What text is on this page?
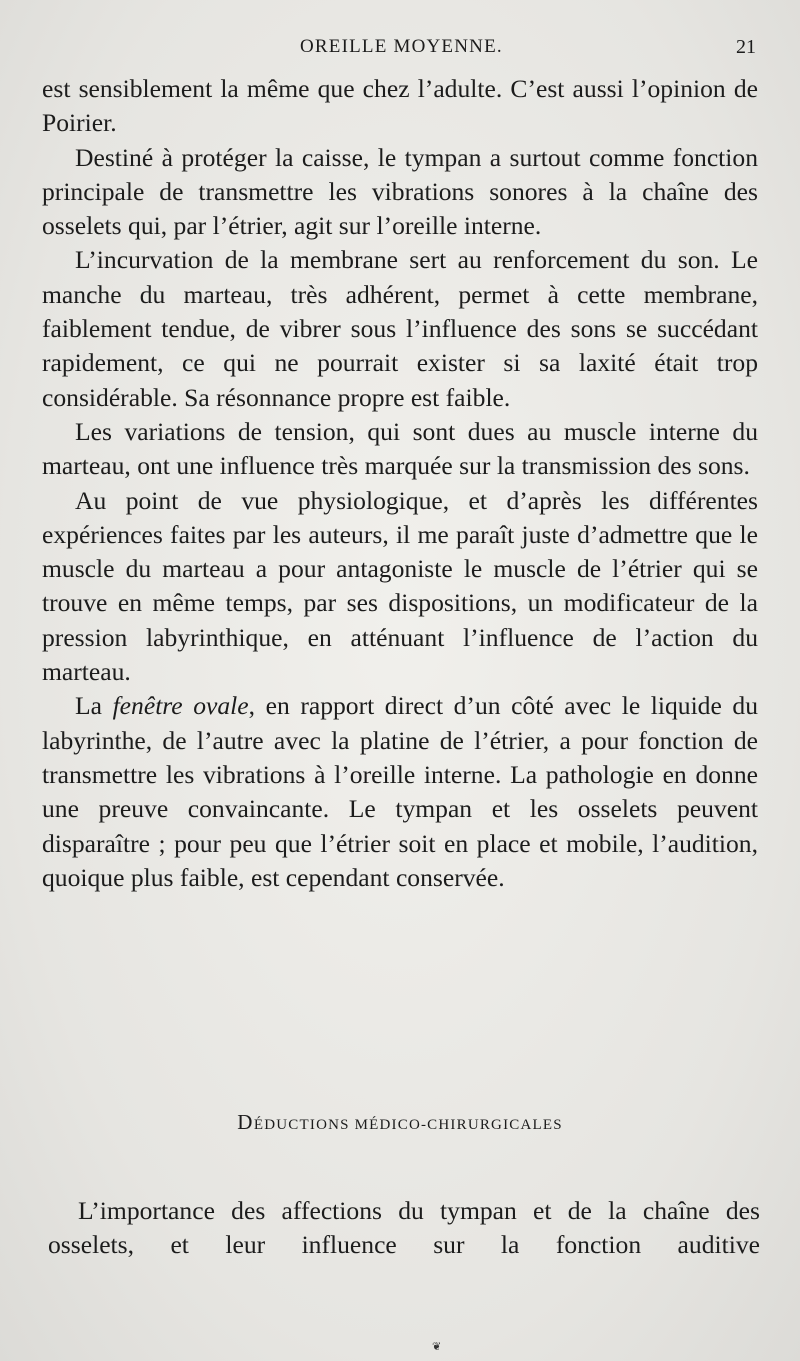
OREILLE MOYENNE.	21

est sensiblement la même que chez l’adulte. C’est aussi l’opinion de Poirier.

Destiné à protéger la caisse, le tympan a surtout comme fonction principale de transmettre les vibrations sonores à la chaîne des osselets qui, par l’étrier, agit sur l’oreille interne.

L’incurvation de la membrane sert au renforcement du son. Le manche du marteau, très adhérent, permet à cette membrane, faiblement tendue, de vibrer sous l’influence des sons se succédant rapidement, ce qui ne pourrait exister si sa laxité était trop considérable. Sa résonnance propre est faible.

Les variations de tension, qui sont dues au muscle interne du marteau, ont une influence très marquée sur la transmission des sons.

Au point de vue physiologique, et d’après les différentes expériences faites par les auteurs, il me paraît juste d’admettre que le muscle du marteau a pour antagoniste le muscle de l’étrier qui se trouve en même temps, par ses dispositions, un modificateur de la pression labyrinthique, en atténuant l’influence de l’action du marteau.

La fenêtre ovale, en rapport direct d’un côté avec le liquide du labyrinthe, de l’autre avec la platine de l’étrier, a pour fonction de transmettre les vibrations à l’oreille interne. La pathologie en donne une preuve convaincante. Le tympan et les osselets peuvent disparaître ; pour peu que l’étrier soit en place et mobile, l’audition, quoique plus faible, est cependant conservée.

DÉDUCTIONS MÉDICO-CHIRURGICALES

L’importance des affections du tympan et de la chaîne des osselets, et leur influence sur la fonction auditive

❦
